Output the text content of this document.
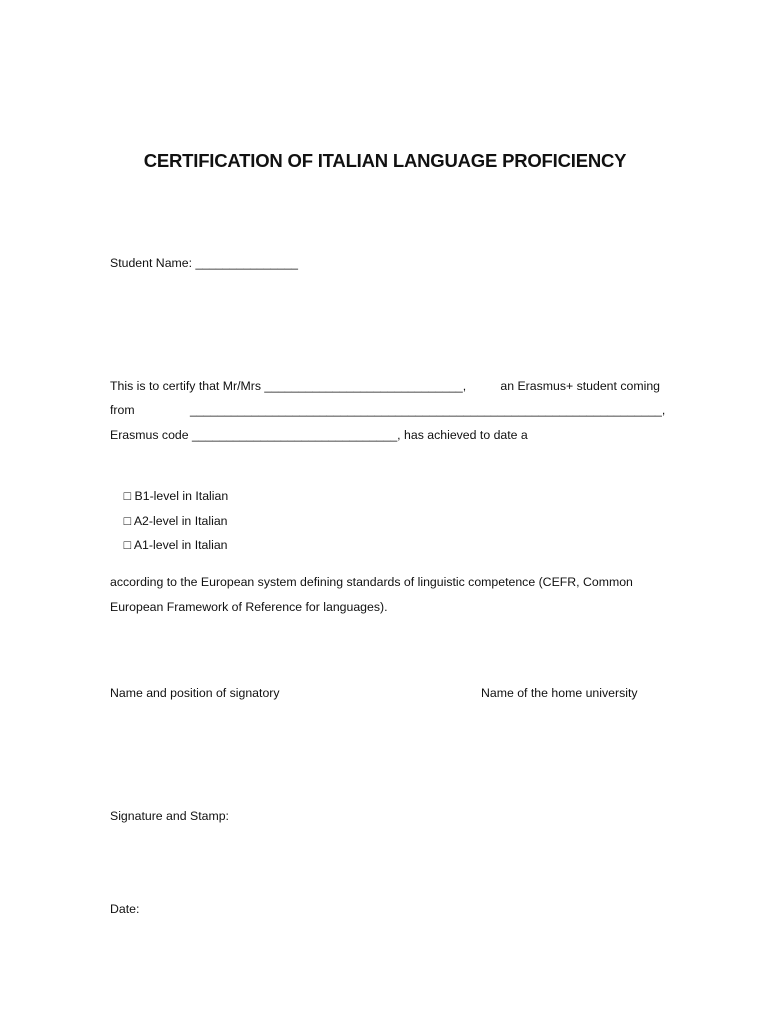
CERTIFICATION OF ITALIAN LANGUAGE PROFICIENCY
Student Name: _______________
This is to certify that Mr/Mrs _____________________________,	an Erasmus+ student coming
from	_____________________________________________________________________,
Erasmus code ______________________________, has achieved to date a

□ B1-level in Italian

□ A2-level in Italian

□ A1-level in Italian

according to the European system defining standards of linguistic competence (CEFR, Common
European Framework of Reference for languages).
Name and position of signatory	Name of the home university
Signature and Stamp:
Date:
